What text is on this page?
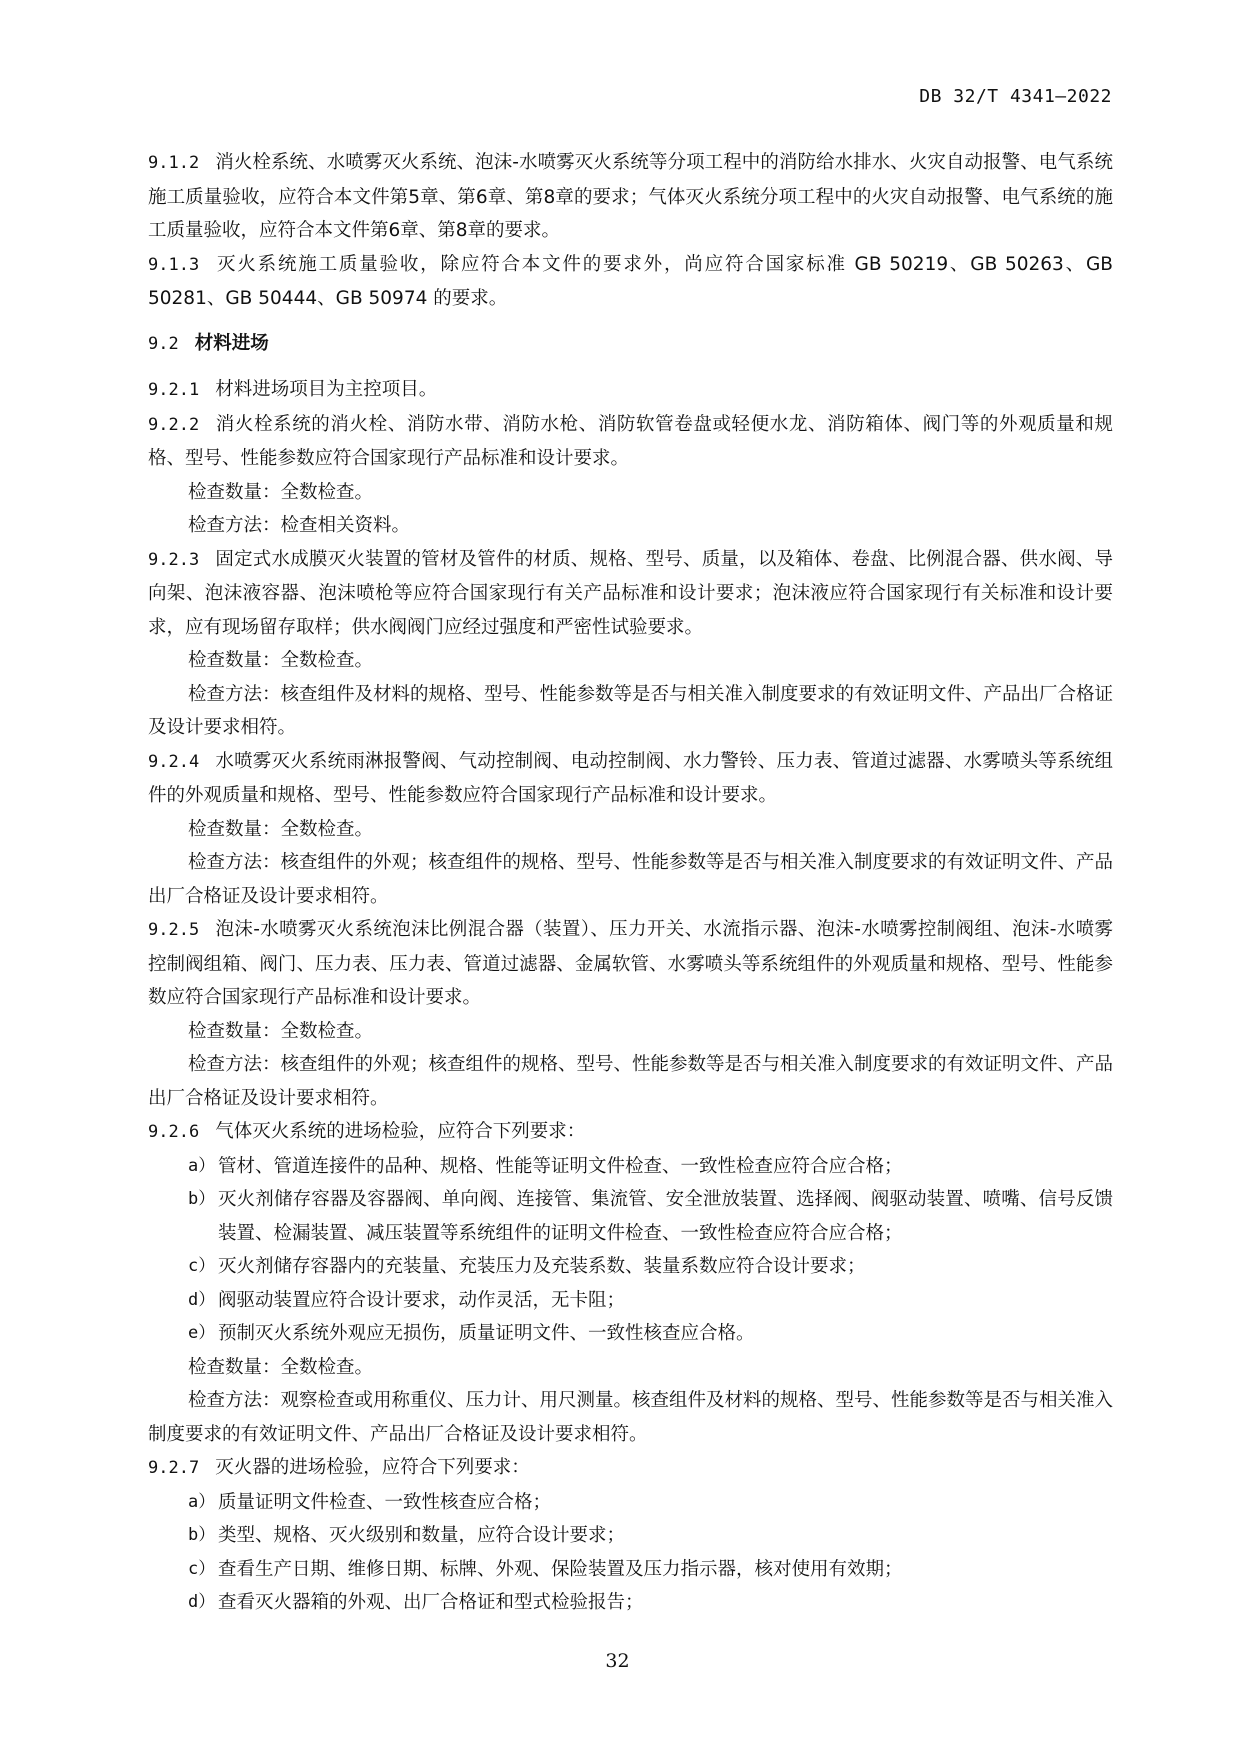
DB 32/T 4341—2022

9.1.2 消火栓系统、水喷雾灭火系统、泡沫-水喷雾灭火系统等分项工程中的消防给水排水、火灾自动报警、电气系统施工质量验收，应符合本文件第5章、第6章、第8章的要求；气体灭火系统分项工程中的火灾自动报警、电气系统的施工质量验收，应符合本文件第6章、第8章的要求。

9.1.3 灭火系统施工质量验收，除应符合本文件的要求外，尚应符合国家标准 GB 50219、GB 50263、GB 50281、GB 50444、GB 50974 的要求。

9.2 材料进场

9.2.1 材料进场项目为主控项目。

9.2.2 消火栓系统的消火栓、消防水带、消防水枪、消防软管卷盘或轻便水龙、消防箱体、阀门等的外观质量和规格、型号、性能参数应符合国家现行产品标准和设计要求。

检查数量：全数检查。

检查方法：检查相关资料。

9.2.3 固定式水成膜灭火装置的管材及管件的材质、规格、型号、质量，以及箱体、卷盘、比例混合器、供水阀、导向架、泡沫液容器、泡沫喷枪等应符合国家现行有关产品标准和设计要求；泡沫液应符合国家现行有关标准和设计要求，应有现场留存取样；供水阀阀门应经过强度和严密性试验要求。

检查数量：全数检查。

检查方法：核查组件及材料的规格、型号、性能参数等是否与相关准入制度要求的有效证明文件、产品出厂合格证及设计要求相符。

9.2.4 水喷雾灭火系统雨淋报警阀、气动控制阀、电动控制阀、水力警铃、压力表、管道过滤器、水雾喷头等系统组件的外观质量和规格、型号、性能参数应符合国家现行产品标准和设计要求。

检查数量：全数检查。

检查方法：核查组件的外观；核查组件的规格、型号、性能参数等是否与相关准入制度要求的有效证明文件、产品出厂合格证及设计要求相符。

9.2.5 泡沫-水喷雾灭火系统泡沫比例混合器（装置）、压力开关、水流指示器、泡沫-水喷雾控制阀组、泡沫-水喷雾控制阀组箱、阀门、压力表、压力表、管道过滤器、金属软管、水雾喷头等系统组件的外观质量和规格、型号、性能参数应符合国家现行产品标准和设计要求。

检查数量：全数检查。

检查方法：核查组件的外观；核查组件的规格、型号、性能参数等是否与相关准入制度要求的有效证明文件、产品出厂合格证及设计要求相符。

9.2.6 气体灭火系统的进场检验，应符合下列要求：

a） 管材、管道连接件的品种、规格、性能等证明文件检查、一致性检查应符合应合格；

b） 灭火剂储存容器及容器阀、单向阀、连接管、集流管、安全泄放装置、选择阀、阀驱动装置、喷嘴、信号反馈装置、检漏装置、减压装置等系统组件的证明文件检查、一致性检查应符合应合格；

c） 灭火剂储存容器内的充装量、充装压力及充装系数、装量系数应符合设计要求；

d） 阀驱动装置应符合设计要求，动作灵活，无卡阻；

e） 预制灭火系统外观应无损伤，质量证明文件、一致性核查应合格。

检查数量：全数检查。

检查方法：观察检查或用称重仪、压力计、用尺测量。核查组件及材料的规格、型号、性能参数等是否与相关准入制度要求的有效证明文件、产品出厂合格证及设计要求相符。

9.2.7 灭火器的进场检验，应符合下列要求：

a） 质量证明文件检查、一致性核查应合格；

b） 类型、规格、灭火级别和数量，应符合设计要求；

c） 查看生产日期、维修日期、标牌、外观、保险装置及压力指示器，核对使用有效期；

d） 查看灭火器箱的外观、出厂合格证和型式检验报告；

32
